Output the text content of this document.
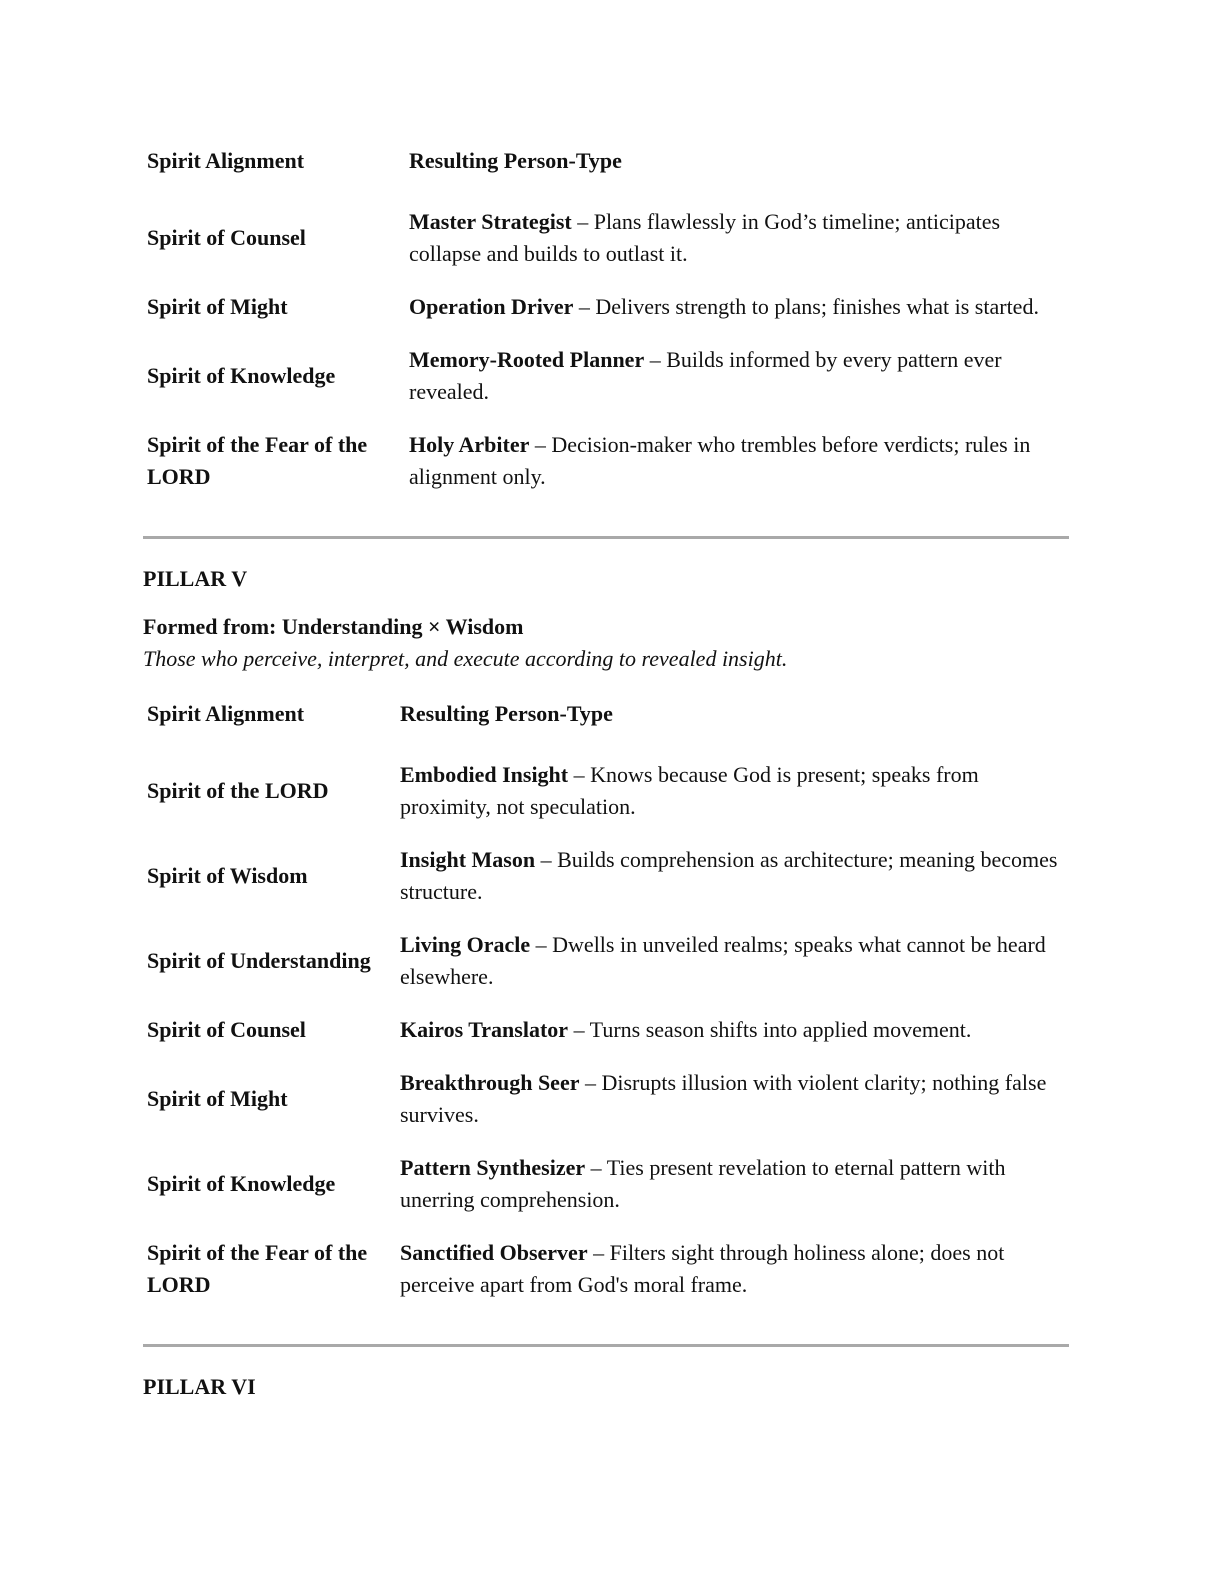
Spirit Alignment	Resulting Person-Type
Spirit of Counsel	Master Strategist – Plans flawlessly in God’s timeline; anticipates collapse and builds to outlast it.
Spirit of Might	Operation Driver – Delivers strength to plans; finishes what is started.
Spirit of Knowledge	Memory-Rooted Planner – Builds informed by every pattern ever revealed.
Spirit of the Fear of the LORD	Holy Arbiter – Decision-maker who trembles before verdicts; rules in alignment only.
PILLAR V
Formed from: Understanding × Wisdom
Those who perceive, interpret, and execute according to revealed insight.
Spirit Alignment	Resulting Person-Type
Spirit of the LORD	Embodied Insight – Knows because God is present; speaks from proximity, not speculation.
Spirit of Wisdom	Insight Mason – Builds comprehension as architecture; meaning becomes structure.
Spirit of Understanding	Living Oracle – Dwells in unveiled realms; speaks what cannot be heard elsewhere.
Spirit of Counsel	Kairos Translator – Turns season shifts into applied movement.
Spirit of Might	Breakthrough Seer – Disrupts illusion with violent clarity; nothing false survives.
Spirit of Knowledge	Pattern Synthesizer – Ties present revelation to eternal pattern with unerring comprehension.
Spirit of the Fear of the LORD	Sanctified Observer – Filters sight through holiness alone; does not perceive apart from God's moral frame.
PILLAR VI
